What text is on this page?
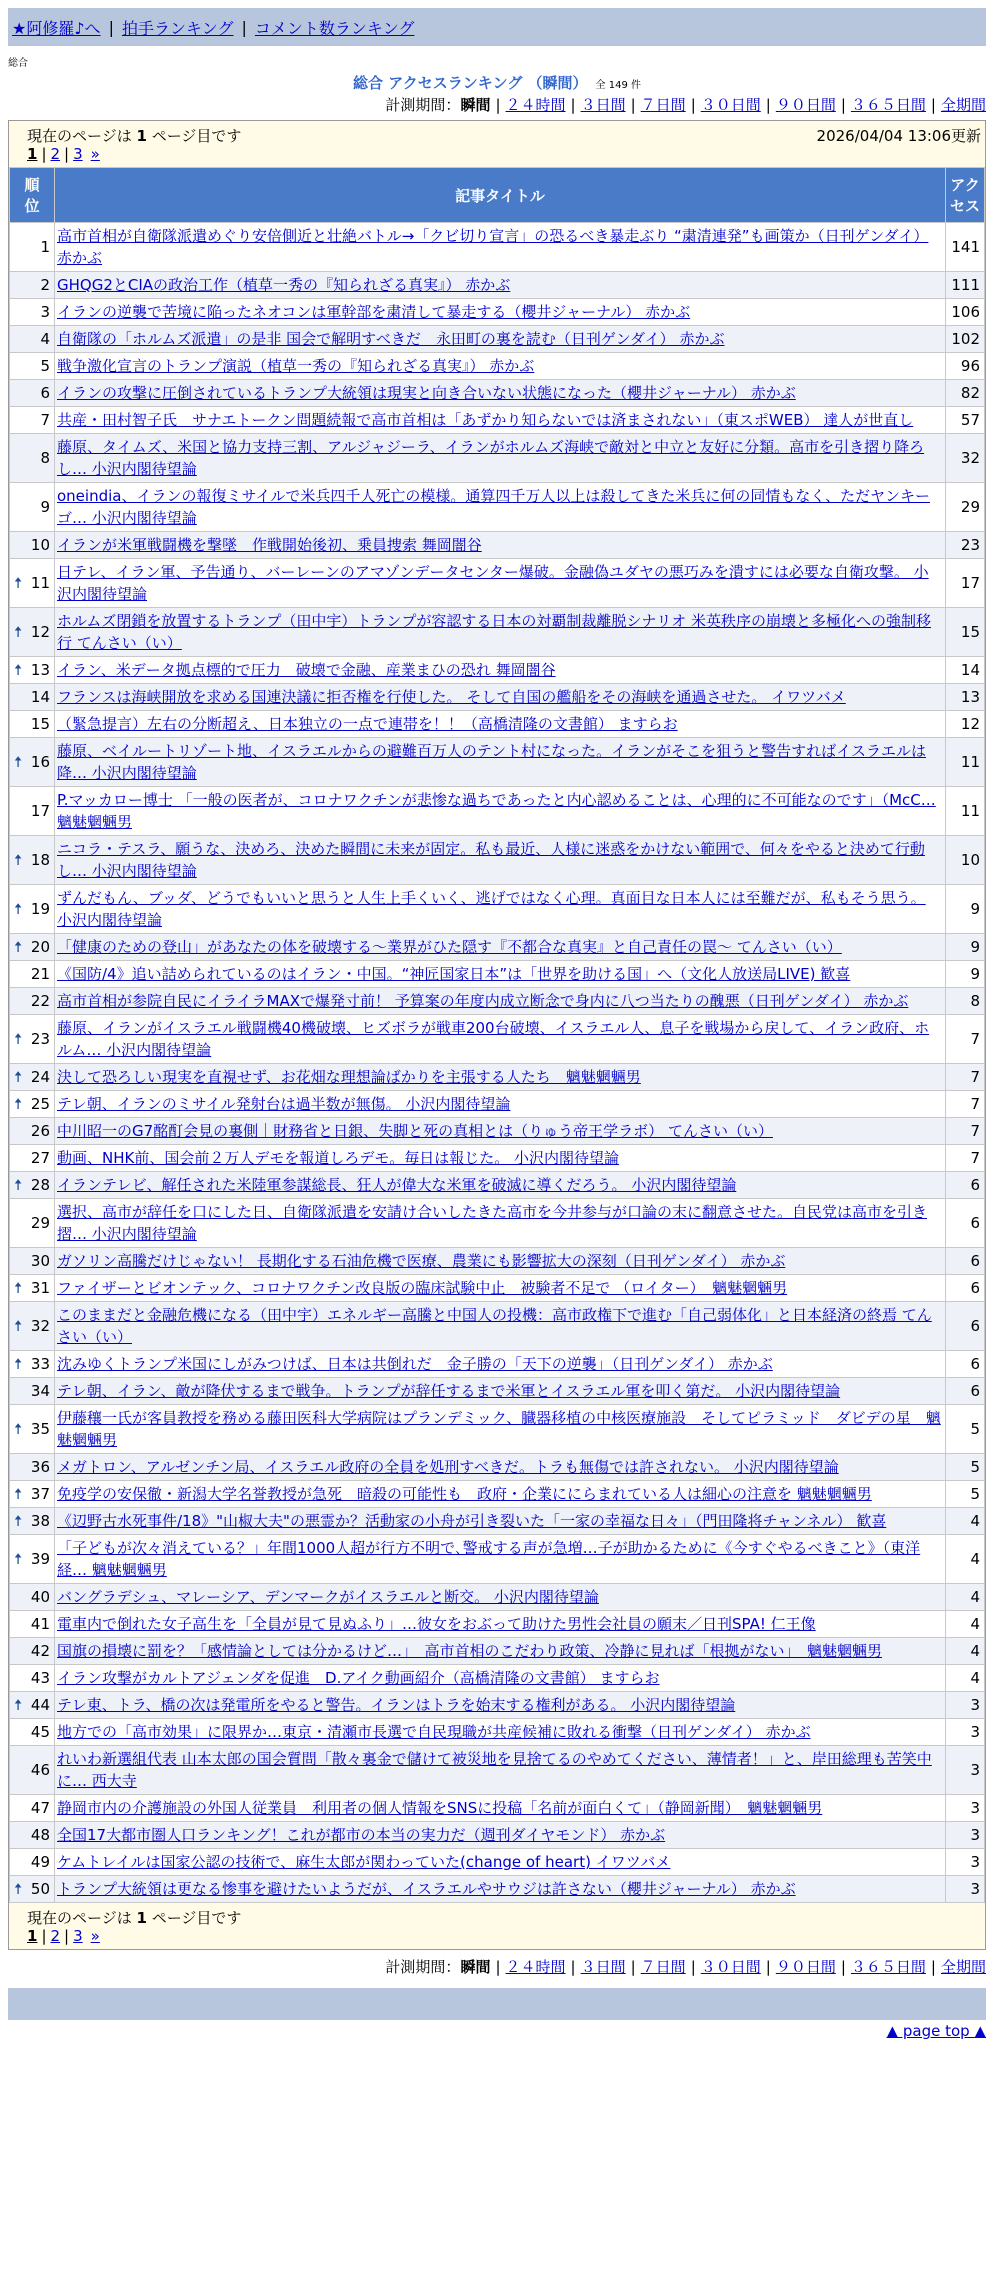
★阿修羅♪へ | 拍手ランキング | コメント数ランキング
総合
総合 アクセスランキング （瞬間） 全 149 件
計測期間：瞬間 | ２４時間 | ３日間 | ７日間 | ３０日間 | ９０日間 | ３６５日間 | 全期間
現在のページは 1 ページ目です	2026/04/04 13:06更新
1 | 2 | 3 »
順
位	記事タイトル	アク
セス
1	高市首相が自衛隊派遣めぐり安倍側近と壮絶バトル→「クビ切り宣言」の恐るべき暴走ぶり “粛清連発”も画策か（日刊ゲンダイ） 赤かぶ	141
2	GHQG2とCIAの政治工作（植草一秀の『知られざる真実』） 赤かぶ	111
3	イランの逆襲で苦境に陥ったネオコンは軍幹部を粛清して暴走する（櫻井ジャーナル） 赤かぶ	106
4	自衛隊の「ホルムズ派遣」の是非 国会で解明すべきだ　永田町の裏を読む（日刊ゲンダイ） 赤かぶ	102
5	戦争激化宣言のトランプ演説（植草一秀の『知られざる真実』） 赤かぶ	96
6	イランの攻撃に圧倒されているトランプ大統領は現実と向き合いない状態になった（櫻井ジャーナル） 赤かぶ	82
7	共産・田村智子氏　サナエトークン問題続報で高市首相は「あずかり知らないでは済まされない」（東スポWEB） 達人が世直し	57
8	藤原、タイムズ、米国と協力支持三割、アルジャジーラ、イランがホルムズ海峡で敵対と中立と友好に分類。高市を引き摺り降ろし… 小沢内閣待望論	32
9	oneindia、イランの報復ミサイルで米兵四千人死亡の模様。通算四千万人以上は殺してきた米兵に何の同情もなく、ただヤンキーゴ… 小沢内閣待望論	29
10	イランが米軍戦闘機を撃墜　作戦開始後初、乗員捜索 舞岡闇谷	23

🠅 11	日テレ、イラン軍、予告通り、バーレーンのアマゾンデータセンター爆破。金融偽ユダヤの悪巧みを潰すには必要な自衛攻撃。 小沢内閣待望論	17

🠅 12	ホルムズ閉鎖を放置するトランプ（田中宇）トランプが容認する日本の対覇制裁離脱シナリオ 米英秩序の崩壊と多極化への強制移行 てんさい（い）	15

🠅 13	イラン、米データ拠点標的で圧力　破壊で金融、産業まひの恐れ 舞岡闇谷	14
14	フランスは海峡開放を求める国連決議に拒否権を行使した。 そして自国の艦船をその海峡を通過させた。 イワツバメ	13
15	（緊急提言）左右の分断超え、日本独立の一点で連帯を！！（高橋清隆の文書館） ますらお	12

🠅 16	藤原、ベイルートリゾート地、イスラエルからの避難百万人のテント村になった。イランがそこを狙うと警告すればイスラエルは降… 小沢内閣待望論	11
17	P.マッカロー博士 「一般の医者が、コロナワクチンが悲惨な過ちであったと内心認めることは、心理的に不可能なのです」（McC… 魑魅魍魎男	11

🠅 18	ニコラ・テスラ、願うな、決めろ、決めた瞬間に未来が固定。私も最近、人様に迷惑をかけない範囲で、何々をやると決めて行動し… 小沢内閣待望論	10

🠅 19	ずんだもん、ブッダ、どうでもいいと思うと人生上手くいく、逃げではなく心理。真面目な日本人には至難だが、私もそう思う。 小沢内閣待望論	9

🠅 20	「健康のための登山」があなたの体を破壊する～業界がひた隠す『不都合な真実』と自己責任の罠～ てんさい（い）	9
21	《国防/4》追い詰められているのはイラン・中国。“神匠国家日本”は「世界を助ける国」へ（文化人放送局LIVE) 歓喜	9
22	高市首相が参院自民にイライラMAXで爆発寸前！ 予算案の年度内成立断念で身内に八つ当たりの醜悪（日刊ゲンダイ） 赤かぶ	8

🠅 23	藤原、イランがイスラエル戦闘機40機破壊、ヒズボラが戦車200台破壊、イスラエル人、息子を戦場から戻して、イラン政府、ホルム… 小沢内閣待望論	7

🠅 24	決して恐ろしい現実を直視せず、お花畑な理想論ばかりを主張する人たち　魑魅魍魎男	7

🠅 25	テレ朝、イランのミサイル発射台は過半数が無傷。 小沢内閣待望論	7
26	中川昭一のG7酩酊会見の裏側｜財務省と日銀、失脚と死の真相とは（りゅう帝王学ラボ） てんさい（い）	7
27	動画、NHK前、国会前２万人デモを報道しろデモ。毎日は報じた。 小沢内閣待望論	7

🠅 28	イランテレビ、解任された米陸軍参謀総長、狂人が偉大な米軍を破滅に導くだろう。 小沢内閣待望論	6
29	選択、高市が辞任を口にした日、自衛隊派遣を安請け合いしたきた高市を今井参与が口論の末に翻意させた。自民党は高市を引き摺… 小沢内閣待望論	6
30	ガソリン高騰だけじゃない！ 長期化する石油危機で医療、農業にも影響拡大の深刻（日刊ゲンダイ） 赤かぶ	6

🠅 31	ファイザーとビオンテック、コロナワクチン改良版の臨床試験中止　被験者不足で （ロイター）　魑魅魍魎男	6

🠅 32	このままだと金融危機になる（田中宇）エネルギー高騰と中国人の投機：高市政権下で進む「自己弱体化」と日本経済の終焉 てんさい（い）	6

🠅 33	沈みゆくトランプ米国にしがみつけば、日本は共倒れだ　金子勝の「天下の逆襲」（日刊ゲンダイ） 赤かぶ	6
34	テレ朝、イラン、敵が降伏するまで戦争。トランプが辞任するまで米軍とイスラエル軍を叩く第だ。 小沢内閣待望論	6

🠅 35	伊藤穰一氏が客員教授を務める藤田医科大学病院はプランデミック、臓器移植の中核医療施設　そしてピラミッド　ダビデの星　魑魅魍魎男	5
36	メガトロン、アルゼンチン局、イスラエル政府の全員を処刑すべきだ。トラも無傷では許されない。 小沢内閣待望論	5

🠅 37	免疫学の安保徹・新潟大学名誉教授が急死　暗殺の可能性も　政府・企業ににらまれている人は細心の注意を 魑魅魍魎男	5

🠅 38	《辺野古水死事件/18》"山椒大夫"の悪霊か？活動家の小舟が引き裂いた「一家の幸福な日々」（門田隆将チャンネル） 歓喜	4

🠅 39	「子どもが次々消えている？」年間1000人超が行方不明で､警戒する声が急増…子が助かるために《今すぐやるべきこと》（東洋経… 魑魅魍魎男	4
40	バングラデシュ、マレーシア、デンマークがイスラエルと断交。 小沢内閣待望論	4
41	電車内で倒れた女子高生を「全員が見て見ぬふり」…彼女をおぶって助けた男性会社員の願末／日刊SPA! 仁王像	4
42	国旗の損壊に罰を？「感情論としては分かるけど…」　高市首相のこだわり政策、冷静に見れば「根拠がない」　魑魅魍魎男	4
43	イラン攻撃がカルトアジェンダを促進　D.アイク動画紹介（高橋清隆の文書館） ますらお	4

🠅 44	テレ東、トラ、橋の次は発電所をやると警告。イランはトラを始末する権利がある。 小沢内閣待望論	3
45	地方での「高市効果」に限界か…東京・清瀬市長選で自民現職が共産候補に敗れる衝撃（日刊ゲンダイ） 赤かぶ	3
46	れいわ新選組代表 山本太郎の国会質問「散々裏金で儲けて被災地を見捨てるのやめてください、薄情者！」と、岸田総理も苦笑中に… 西大寺	3
47	静岡市内の介護施設の外国人従業員　利用者の個人情報をSNSに投稿「名前が面白くて」（静岡新聞）　魑魅魍魎男	3
48	全国17大都市圏人口ランキング！これが都市の本当の実力だ（週刊ダイヤモンド） 赤かぶ	3
49	ケムトレイルは国家公認の技術で、麻生太郎が関わっていた(change of heart) イワツバメ	3

🠅 50	トランプ大統領は更なる惨事を避けたいようだが、イスラエルやサウジは許さない（櫻井ジャーナル） 赤かぶ	3
現在のページは 1 ページ目です
1 | 2 | 3 »
計測期間：瞬間 | ２４時間 | ３日間 | ７日間 | ３０日間 | ９０日間 | ３６５日間 | 全期間
▲ page top ▲
